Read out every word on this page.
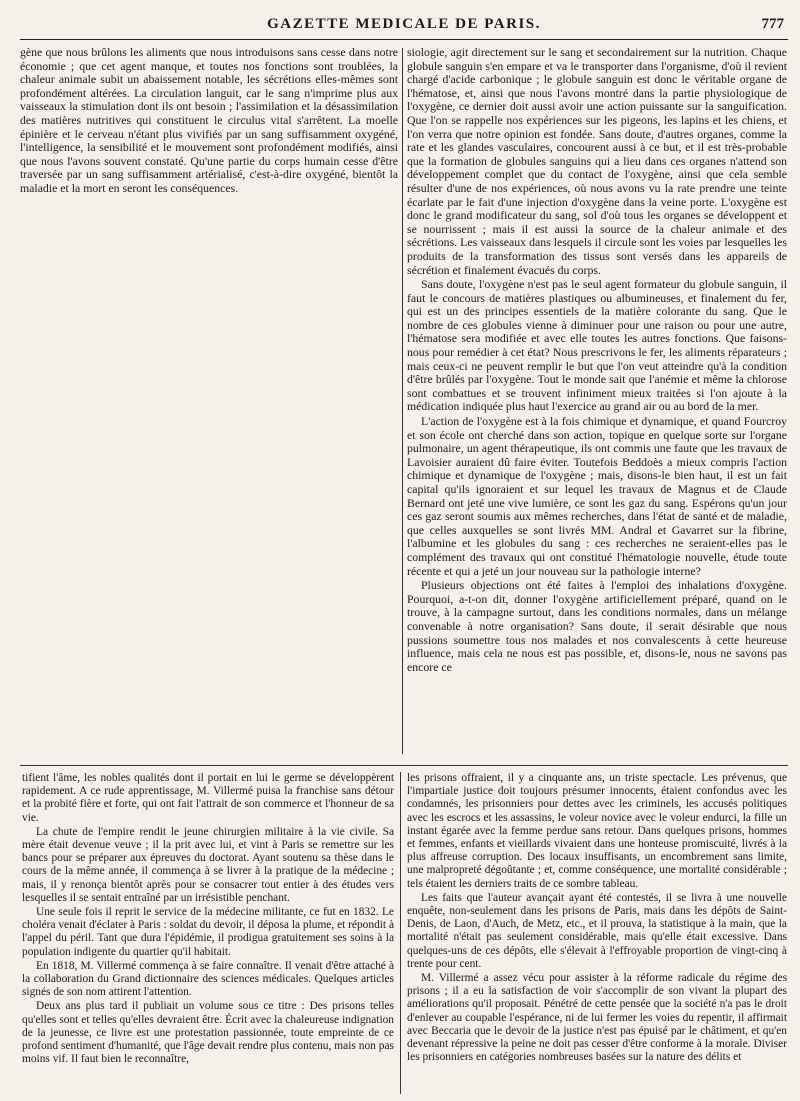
GAZETTE MEDICALE DE PARIS.	777

gène que nous brûlons les aliments que nous introduisons sans cesse dans notre économie ; que cet agent manque, et toutes nos fonctions sont troublées, la chaleur animale subit un abaissement notable, les sécrétions elles-mêmes sont profondément altérées. La circulation languit, car le sang n'imprime plus aux vaisseaux la stimulation dont ils ont besoin ; l'assimilation et la désassimilation des matières nutritives qui constituent le circulus vital s'arrêtent. La moelle épinière et le cerveau n'étant plus vivifiés par un sang suffisamment oxygéné, l'intelligence, la sensibilité et le mouvement sont profondément modifiés, ainsi que nous l'avons souvent constaté. Qu'une partie du corps humain cesse d'être traversée par un sang suffisamment artérialisé, c'est-à-dire oxygéné, bientôt la maladie et la mort en seront les conséquences.

siologie, agit directement sur le sang et secondairement sur la nutrition. Chaque globule sanguin s'en empare et va le transporter dans l'organisme, d'où il revient chargé d'acide carbonique ; le globule sanguin est donc le véritable organe de l'hématose, et, ainsi que nous l'avons montré dans la partie physiologique de l'oxygène, ce dernier doit aussi avoir une action puissante sur la sanguification. Que l'on se rappelle nos expériences sur les pigeons, les lapins et les chiens, et l'on verra que notre opinion est fondée. Sans doute, d'autres organes, comme la rate et les glandes vasculaires, concourent aussi à ce but, et il est très-probable que la formation de globules sanguins qui a lieu dans ces organes n'attend son développement complet que du contact de l'oxygène, ainsi que cela semble résulter d'une de nos expériences, où nous avons vu la rate prendre une teinte écarlate par le fait d'une injection d'oxygène dans la veine porte. L'oxygène est donc le grand modificateur du sang, sol d'où tous les organes se développent et se nourrissent ; mais il est aussi la source de la chaleur animale et des sécrétions. Les vaisseaux dans lesquels il circule sont les voies par lesquelles les produits de la transformation des tissus sont versés dans les appareils de sécrétion et finalement évacués du corps.

Sans doute, l'oxygène n'est pas le seul agent formateur du globule sanguin, il faut le concours de matières plastiques ou albumineuses, et finalement du fer, qui est un des principes essentiels de la matière colorante du sang. Que le nombre de ces globules vienne à diminuer pour une raison ou pour une autre, l'hématose sera modifiée et avec elle toutes les autres fonctions. Que faisons-nous pour remédier à cet état? Nous prescrivons le fer, les aliments réparateurs ; mais ceux-ci ne peuvent remplir le but que l'on veut atteindre qu'à la condition d'être brûlés par l'oxygène. Tout le monde sait que l'anémie et même la chlorose sont combattues et se trouvent infiniment mieux traitées si l'on ajoute à la médication indiquée plus haut l'exercice au grand air ou au bord de la mer.

L'action de l'oxygène est à la fois chimique et dynamique, et quand Fourcroy et son école ont cherché dans son action, topique en quelque sorte sur l'organe pulmonaire, un agent thérapeutique, ils ont commis une faute que les travaux de Lavoisier auraient dû faire éviter. Toutefois Beddoès a mieux compris l'action chimique et dynamique de l'oxygène ; mais, disons-le bien haut, il est un fait capital qu'ils ignoraient et sur lequel les travaux de Magnus et de Claude Bernard ont jeté une vive lumière, ce sont les gaz du sang. Espérons qu'un jour ces gaz seront soumis aux mêmes recherches, dans l'état de santé et de maladie, que celles auxquelles se sont livrés MM. Andral et Gavarret sur la fibrine, l'albumine et les globules du sang : ces recherches ne seraient-elles pas le complément des travaux qui ont constitué l'hématologie nouvelle, étude toute récente et qui a jeté un jour nouveau sur la pathologie interne?

Plusieurs objections ont été faites à l'emploi des inhalations d'oxygène. Pourquoi, a-t-on dit, donner l'oxygène artificiellement préparé, quand on le trouve, à la campagne surtout, dans les conditions normales, dans un mélange convenable à notre organisation? Sans doute, il serait désirable que nous pussions soumettre tous nos malades et nos convalescents à cette heureuse influence, mais cela ne nous est pas possible, et, disons-le, nous ne savons pas encore ce

tifient l'âme, les nobles qualités dont il portait en lui le germe se développèrent rapidement. A ce rude apprentissage, M. Villermé puisa la franchise sans détour et la probité fière et forte, qui ont fait l'attrait de son commerce et l'honneur de sa vie.

La chute de l'empire rendit le jeune chirurgien militaire à la vie civile. Sa mère était devenue veuve ; il la prit avec lui, et vint à Paris se remettre sur les bancs pour se préparer aux épreuves du doctorat. Ayant soutenu sa thèse dans le cours de la même année, il commença à se livrer à la pratique de la médecine ; mais, il y renonça bientôt après pour se consacrer tout entier à des études vers lesquelles il se sentait entraîné par un irrésistible penchant.

Une seule fois il reprit le service de la médecine militante, ce fut en 1832. Le choléra venait d'éclater à Paris : soldat du devoir, il déposa la plume, et répondit à l'appel du péril. Tant que dura l'épidémie, il prodigua gratuitement ses soins à la population indigente du quartier qu'il habitait.

En 1818, M. Villermé commença à se faire connaître. Il venait d'être attaché à la collaboration du Grand dictionnaire des sciences médicales. Quelques articles signés de son nom attirent l'attention.

Deux ans plus tard il publiait un volume sous ce titre : Des prisons telles qu'elles sont et telles qu'elles devraient être. Écrit avec la chaleureuse indignation de la jeunesse, ce livre est une protestation passionnée, toute empreinte de ce profond sentiment d'humanité, que l'âge devait rendre plus contenu, mais non pas moins vif. Il faut bien le reconnaître,

les prisons offraient, il y a cinquante ans, un triste spectacle. Les prévenus, que l'impartiale justice doit toujours présumer innocents, étaient confondus avec les condamnés, les prisonniers pour dettes avec les criminels, les accusés politiques avec les escrocs et les assassins, le voleur novice avec le voleur endurci, la fille un instant égarée avec la femme perdue sans retour. Dans quelques prisons, hommes et femmes, enfants et vieillards vivaient dans une honteuse promiscuité, livrés à la plus affreuse corruption. Des locaux insuffisants, un encombrement sans limite, une malpropreté dégoûtante ; et, comme conséquence, une mortalité considérable ; tels étaient les derniers traits de ce sombre tableau.

Les faits que l'auteur avançait ayant été contestés, il se livra à une nouvelle enquête, non-seulement dans les prisons de Paris, mais dans les dépôts de Saint-Denis, de Laon, d'Auch, de Metz, etc., et il prouva, la statistique à la main, que la mortalité n'était pas seulement considérable, mais qu'elle était excessive. Dans quelques-uns de ces dépôts, elle s'élevait à l'effroyable proportion de vingt-cinq à trente pour cent.

M. Villermé a assez vécu pour assister à la réforme radicale du régime des prisons ; il a eu la satisfaction de voir s'accomplir de son vivant la plupart des améliorations qu'il proposait. Pénétré de cette pensée que la société n'a pas le droit d'enlever au coupable l'espérance, ni de lui fermer les voies du repentir, il affirmait avec Beccaria que le devoir de la justice n'est pas épuisé par le châtiment, et qu'en devenant répressive la peine ne doit pas cesser d'être conforme à la morale. Diviser les prisonniers en catégories nombreuses basées sur la nature des délits et
